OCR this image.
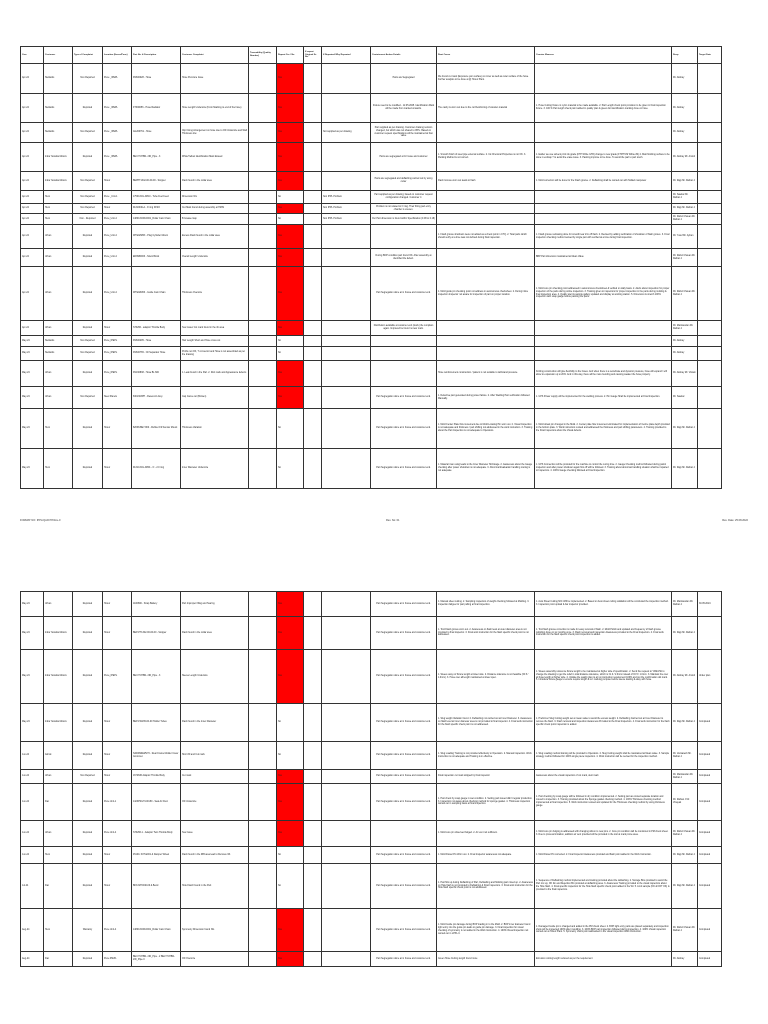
Year	Customer	Type of Complaint	Location (Hosur/Pune)	Part No. & Description	Customer Complaint	Traceability (Quality Number)	Repeat Yes / No	If repeat Original Sr. No.	If Repeated Why Repeated	Containment Action Details	Root Cause	Counter Measure	Resp.	Target Date
Apr-24	Stellantis	Non Reported	Pune _IPEPL	FN600028 - Hose	Hose Puncture Issue		Yes			Parts are Segregated	We found cut mark (Exposure yarn surface) on inner as well as outer surface of the hose. Further analysis to be done at @ Hosur Plant.		Mr. Akshay	
Apr-24	Stellantis	Reported	Pune _IPEPL	FT600056 - Hose Radiator	Hose Length Undersize (From Marking to end of the hose)		Yes			Fixture need to be modified - 12.05.2025. Identification Mark will be made from marked onwards.	The cavity is worn out due to the cut Reinforcing of wooden material	1. Hose Cutting fixture in nylon material to be made available. 2. Part Length check point provision to be given in final inspection fixture. 3. 100 % Part length check point added in quality plan & green dot identification marking done on hose.	Mr. Akshay	
Apr-24	Stellantis	Non Reported	Pune _IPEPL	AG200761 - Hose	Clip Fixing Arrangement on hose due to OD Undersize and Wall Thickness low		Yes		Not supplied as per drawing	Part supplied as per drawing. Customer drawing revision changed, but which was not shared to IPPL. Based on customer request specifications will be maintained at that value			Mr. Akshay	
Apr-24	India Yamaha Motors	Reported	Pune _IPEPL	BEV-TCHBN- 2ID_Pipe - 3	White/Yellow Identification Mark Erased		Yes			Parts are segregated at In house and customer	1. Smooth finish of steel pipe external surface. 2. Ink Chemical Properties is not OK. 3. Packing Method is not correct.	1. Earlier we use solvent print ink grade (FTP White GTR) change to new grade (FTP/TCM White-3S) 2. Matt finishing surface to be done in endcap ? to avoid the erase issue. 3. Packing improve to be done. To avoid the part to part touch.	Mr. Akshay Mr. Arvind	
Apr-24	India Yamaha Motors	Non Reported	Hosur	BEPPT1342-00-00-00 - Stopper	Flash found in the collar area		Yes			Parts are segregated and deflashing carried out by using cutter	Flash Groove worn out leads to flash	1. Mold correction will be done for the Flash groove. 2. Deflashing shall be carried out with Skilled manpower	Mr. Rajp Mr. Raihan J	
Apr-24	Hero	Non Reported	Pune _Unit-1	17500-K0L-D810 - Tube Fuel Feed	Dimension NG		No		Non IPPL Problem	Part supplied as per drawing; based on customer request configuration changed. Customer 4			Mr. Sawkar Mr. Raihan J	
Apr-24	Hero	Non Reported	Hosur	91310K0LA - O ring FFSO	Cut Mark found during assembly at HMIS		Yes		Non IPPL Problem	Problem is not related to O ring. Their fitting part entry chamfer is uneven.			Mr. Rajp Mr. Raihan J	
Apr-24	Hero	Non - Reported	Pune_Unit-4	14800-K0M-D001_Roller Cam Chain	B Grease Gap		No		Non IPPL Problem	Our Part dimension is found within Specification (0.08 to 0.18)			Mr. Rahul Chavan Mr. Raihan J	
Apr-24	Urban	Reported	Pune_Unit-4	WTE0ZM03 - Plug Cylinder Mount	Excess Flash found in the collar area		Yes				1. Flash groove shutdown were not added as a check point in CTQ. 2. Total parts which should verify at a time was not defined during final inspection.	1. Flash groove redrawing done for smooth tear trim off flash. 2. Revised by adding verification of shutdown of flash groove. 3. Final inspection checking method revised by single part with verified at a time during final inspection.	Mr. Yusuf Mr. Ayhan	
Apr-24	Urban	Reported	Pune_Unit-4	ED8980003 - Silent Block	Overall Length Undersize		Yes			During BOP condition part found OK. After assembly at identified the defect.		BBP Part dimension maintained at Mean Value	Mr. Rahul Chavan Mr. Raihan J	
Apr-24	Urban	Reported	Pune_Unit-4	WTE02M03 - Guide Cam Chain	Thickness Oversize		Yes			Part Segregation done at in house and customer end.	1. Mold guide pin checking point not address in autonomous checksheet. 2. During inline inspection Inspector not aware for inspection of part on proper location.	1. Mold core pin checking point addressed in autonomous checksheet & verified on daily basis. 2. Alerts about inspection for proper inspection of the parts during online inspection. 3. Training given to inspectors for proper inspection in the parts during molding & final inspection area. 4. Quality alert & sample gallery updated and display at working station. 5. Dimension & stretch 100% inspection with snap gauge before packing the parts.	Mr. Rahul Chavan Mr. Raihan J	
Apr-24	Urban	Reported	Hosur	S76266 - adaptor Throttle Body	Tear issue/ Cut mark found in the rib area		Yes			Distribution available at customer end (stock) the complain again. Improved be found no tear mark.			Mr. Manikandan Mr. Raihan J	
May-24	Stellantis	Non Reported	Pune_IPEPL	FN600295 - Hose	Hair Length Short and Hose cross cut		No						Mr. Akshay	
May-24	Stellantis	Non Reported	Pune_IPEPL	FN600765 - Oil Separator Hose	Profile not OK, T connector and Hose is not assembled as per the drawing		No						Mr. Akshay	
May-24	Urban	Reported	Pune_IPEPL	FN160838 - Hose BL 600	1. Leak found in the Part. 2. Rub mark and Appearance defects		Yes				Hose reinforcement construction / pattern is not suitable to withstand pressure.	Knitting construction will give flexibility to the hoses. And when there is a vertebrate and dynamic pressure, hose will expand / will allow to expansion up to 20%. And in this way, there will be more bending and causing weaker the hose property.	Mr. Akshay Mr. Vikram	
May-24	Urban	Non Reported	Steel Panels	6301303PH - Reservoir Assy	Cap Came out (Broken)		Yes			Part Segregation done at in house and customer end.	1. Defective part generated during power failure. 2. After Welding Part verification followed Manually.	1. UPS Power supply will be implemented for the welding process. 2. Pin Gauge Shall be implemented at Final Inspection.	Mr. Sawkar	
May-24	Hero	Reported	Hosur	82638-BE7-800 - Rubber FR Fender Mount	Thickness Variation		No			Part Segregation done at in house and customer end.	1. Mold Center Plate flow movement due to Mold Locating Pin worn out. 2. Visual Inspection is not adequate and thickness / part shifting not addressed in the work instruction. 3. Training about the Part Inspection is not adequate to Operators.	1. Mold dowel pin changed in the Mold. 2. Center plate flow movement eliminated for implementation of Centre plate depth provided in the bottom plate. 3. Work instruction revised and addressed the thickness and part shifting parameters. 4. Training provided to the Final Inspectors about the Visual defects.	Mr. Rajp Mr. Raihan J	
May-24	Hero	Reported	Hosur	91310-K0L-D801 - O - 2.0 ring	Inner Diameter Undersize		No			Part Segregation done at in house and customer end.	1. Material man using leads to the Inner Diameter Shrinkage. 2. Awareness about the Gauge checking after power shutdown is not adequate. 3. Abnormal Evaluation handling routing is not adequate.	1. UPS Connection will be provided for the machine to control the curing time. 2. Gauge Checking method followed during patrol inspection and after power shutdown again first off will be followed. 3. Training about abnormal handling situation shall be imparted to Inspectors. 4. 100% Gauge checking followed at Final Inspection.	Mr. Rajp Mr. Raihan J	
FORMAT NO: IPPL/QA/F/78 Rev-0	Rev. No: 01	Rev. Date: 25.08.2022
May-24	Urban	Reported	Hosur	1100800 - Strap Battery	Part Improper filling and Tearing		Yes			Part Segregation done at in house and customer end.	1. Manual sheet cutting. 2. Sampling inspection of weight checking followed at Molding. 3. Inspection fatigue for part pulling at final inspection.	1. Auto Sheet Cutting M/C Will be implemented. 2. Based on Auto sheet cutting validation will be concluded the inspection method. 3. Inspection point upload & bar inspector provided.	Mr. Manikandan Mr. Raihan J	30.05.2024
May-24	India Yamaha Motors	Reported	Hosur	BEP-PT1342-00-00-00 - Stopper	Flash found in the collar area		Yes			Part Segregation done at in house and customer end.	1. Tool Flash groove worn out. 2. Awareness on flash level at outer diameter area is not provided to final inspector. 3. Final work instruction for the flash specific check point is not addressed.	1. Tool flash groove correction is made for easy removal of flash. 2. Mold Polish and updated and frequency of flash groove polishing done on six months once. 3. Flash removal and inspection Awareness provided to the Final Inspectors. 4. Final work instruction for the flash specific check point inspection is added.	Mr. Rajp Mr. Raihan J	
May-24	India Yamaha Motors	Reported	Pune_IPEPL	BEV-TCHBN- 2ID_Pipe - 3	Sleeve Length Undersize		Yes			Part Segregation done at in house and customer end.	1. Sleeve assy ref fixture length at lower side. 2. Distance tolerance is not feasible (±0.5 / 1.0mm). 3. Hose over all length maintained at lower spec.	1. Sleeve assembly reference fixture length to be maintained at higher side of specification. 2. Send the request to YAMAHA to change the drawing to get the relief in total distance tolerance, which is ±1.0 / 2.0mm instead of ±0.5 / 1.0mm. 3. Maintain the over all hose length at higher side. 4. Update the quality plan to art on instruction requirement 100% and put the confirmation dot mark. 5. Introduce fixture gauge to ensure require length & ref. marking purpose before sleeve loading & assy with hose.	Mr. Akshay Mr. Arvind	Under plan
May-24	India Yamaha Motors	Reported	Hosur	BEP-FW165-00-00 Holder Tubes	Flash found in the Inner Diameter		No			Part Segregation done at in house and customer end.	1. Slug weight Variation found. 2. Deflashing not carried out at Inner Diameter. 3. Awareness on flash level at Inner diameter area is not provided to final inspector. 4. Final work instruction for the flash specific check point is not addressed.	1. Preformer Slug Cutting weight set at mean value to avoid the excess weight. 2. Deflashing Carried out at Inner Diameter to remove the flash. 3. Flash removal and inspection Awareness Provided to the Final Inspectors. 4. Final work instruction for the flash specific check point inspection is added.	Mr. Rajp Mr. Raihan J	Completed
Jun-24	Ashok	Reported	Hosur	S400090EMV70 - Rear Frame Molder Cover Grommet	Short fill and Cut mark		No			Part Segregation done at in house and customer end.	1. Slug Loading Training is not provided effectively to Operators. 2. Manual Inspection. Work Instruction is not adequate and Training is in effective.	1. Slug Loading method training will be provided to Operators. 2. Slug Cutting weight shall be maintained at Mean value. 3. Sample strategy method followed for 100% single piece inspection. 4. Work instruction will be revised for the inspection method.	Mr. Venkatesh Mr. Raihan J	Completed
Jun-24	Urban	Non Reported	Hosur	1672636 Adaptor Throttle Body	Cut mark		Yes			Part Segregation done at in house and customer end.	Final inspection cut mark skipped by final inspector	Awareness about the visual inspection of cut mark, dent mark	Mr. Manikandan Mr. Raihan J	Completed
Jun-24	Fiat	Reported	Pune Unit-1	1423PSG73-00-B0 - Seat Air Duct	OD Undersize		Yes			Part Segregation done at in house and customer end.	1. Part check by snap gauge in wet condition. 2. Setting part issued didn't regular production. 3. Inspection not aware about checking method for sponge gasket. 4. Thickness inspection carried out in sampling basis at final inspection.	1. Part checking by snap gauge will be followed in dry condition implemented. 2. Setting part are stored separate location and moved to inspection. 3. Training provided about the Sponge gasket checking method. 4. 100% Thickness checking method implemented at final inspection. 5. Work instruction revised and updated for the Thickness checking method by using thickness gauge.	Mr. Raihan J Mr. Vinayak	Completed
Jun-24	Urban	Reported	Pune Unit-4	S76266-1 - Adaptor Twin Throttle Body	Tear Issue		Yes				1. Mold core pin observed bulged. 2. Air vent not sufficient.	1. Mold core pin bulging is addressed with changing silicon to new pins. 2. Core pin condition will be monitored in PM check sheet. 3. Due to process limitation, addition air vent provided will be provided in the tool at mark prone area.	Mr. Rahul Chavan Mr. Raihan J	Completed
Jun-24	Hero	Reported	Hosur	45100- K0T-E001 & Damper Wheel	Flash found in the RIB area lead to Remove Wt.		No			Part Segregation done at in house and customer end.	1. Mold Dowel Pin Worn out. 2. Final Inspector awareness not adequate.	1. Mold Dowel Pin corrected. 2. Final Inspector Awareness provided and flash point added in the Work Instruction.	Mr. Rajp Mr. Raihan J	Completed
Jul-24	Fiat	Reported	Hosur	BKK-MT0040-00 & Bend	Hole Flash Found in the Part		No			Part Segregation done at in house and customer end.	1. Part Mix up during Deflashing of Part, Deflashing and Molding part mixed up. 2. Awareness on Hole flash is not provided to Deflashing & Final Inspectors. 3. Final work instruction for the Hole flash specific check point is not addressed.	1. Sequence of Deflashing method implemented and training provided about the deflashing. 2. Storage Bins provided to avoid the Part mix up, OK bin and Rejection Bin provided at deflashing area. 3. Awareness Training provided to the visual inspectors about the Hole flash. 4. Final specific inspection for the Hole flash specific check point added in the WI. 5. Limit sample (OK & NOT OK) is provided to the final inspectors.	Mr. Rajp Mr. Raihan J	Completed
Aug-24	Hero	Warranty	Pune Unit-4	14800-K0M-D001_Roller Cam Chain	Symmetry Dimension found NG		Yes			Part Segregation done at in house and customer end.	1. Mold Guide pin damage during BOP loading in to the Mold. 2. BOP inner diameter found tight entry into the guide pin leads to guide pin damage. 3. Final inspection for visual checking of symmetry is not added in the Work Instruction. 4. 100% Visual Inspection not carried out in LPPL-3.	1. Damaged Guide pin is changed and added in the PM check sheet. 2. BOP tight entry parts are placed separately and inspection shots will be inspected 100% after moulding. 3. 100% BOP part inspection followed during inspection. 4. 100% Visual inspection carried out at Hosur Plant. 5. Symmetry check point addressed in the visual inspection Work Instruction.	Mr. Rahul Chavan Mr. Raihan J	Completed
Aug-24	Fiat	Reported	Pune IPEPL	BEV-TCHBN- 2ID_Pipe - 2 BEV-TCHBN- 2ID_Pipe-3	OD Oversize		Yes			Part Segregation done at in house and customer end.	Green Hose Cutting length found more	Extrusion cutting length reduced as per the requirement	Mr. Akshay	Completed
